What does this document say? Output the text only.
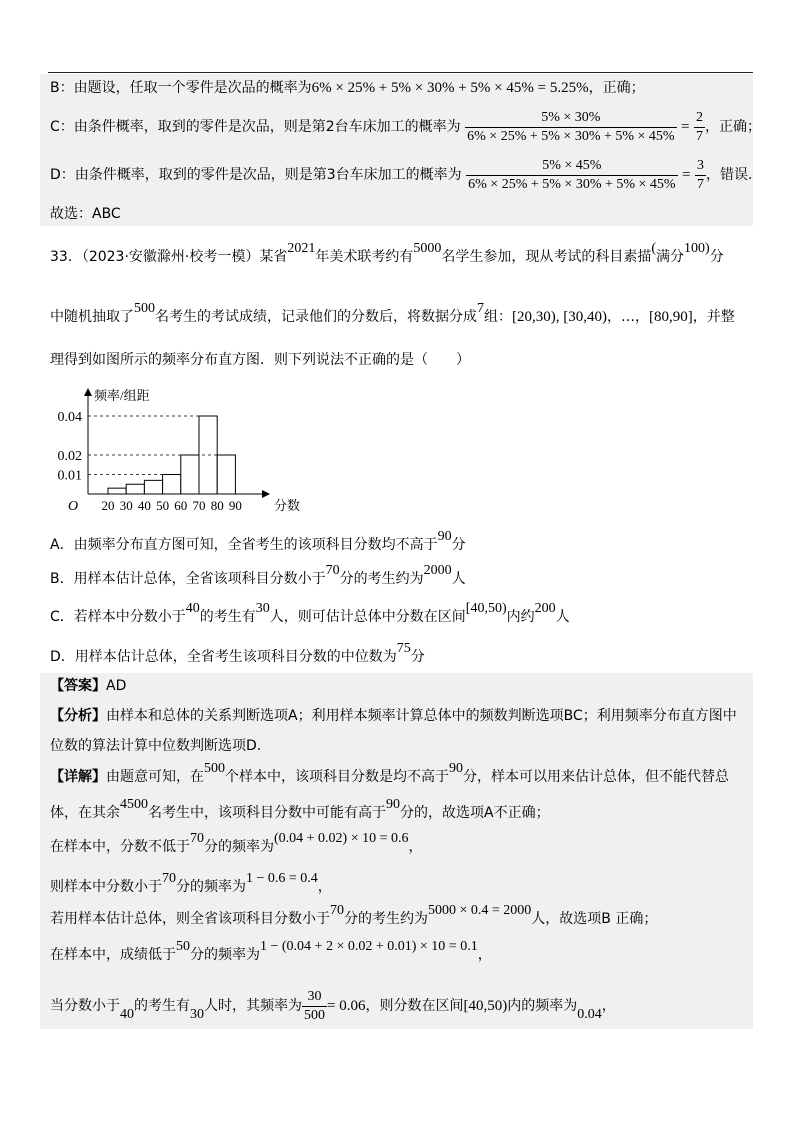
B：由题设，任取一个零件是次品的概率为6% × 25% + 5% × 30% + 5% × 45% = 5.25%，正确；
C：由条件概率，取到的零件是次品，则是第2台车床加工的概率为 $\frac{5\% \times 30\%}{6\% \times 25\% + 5\% \times 30\% + 5\% \times 45\%} = \frac{2}{7}$ ，正确；
D：由条件概率，取到的零件是次品，则是第3台车床加工的概率为 $\frac{5\% \times 45\%}{6\% \times 25\% + 5\% \times 30\% + 5\% \times 45\%} = \frac{3}{7}$ ，错误.
故选：ABC
33．（2023·安徽滁州·校考一模）某省2021年美术联考约有5000名学生参加，现从考试的科目素描(满分100)分
中随机抽取了500名考生的考试成绩，记录他们的分数后，将数据分成7组：[20,30), [30,40)，…，[80,90]，并整
理得到如图所示的频率分布直方图．则下列说法不正确的是（　　）
频率/组距
分数
O
0.04
0.02
0.01
20 30 40 50 60 70 80 90
A．由频率分布直方图可知，全省考生的该项科目分数均不高于90分
B．用样本估计总体，全省该项科目分数小于70分的考生约为2000人
C．若样本中分数小于40的考生有30人，则可估计总体中分数在区间[40,50)内约200人
D．用样本估计总体，全省考生该项科目分数的中位数为75分
【答案】AD
【分析】由样本和总体的关系判断选项A；利用样本频率计算总体中的频数判断选项BC；利用频率分布直方图中
位数的算法计算中位数判断选项D.
【详解】由题意可知，在500个样本中，该项科目分数是均不高于90分，样本可以用来估计总体，但不能代替总
体，在其余4500名考生中，该项科目分数中可能有高于90分的，故选项A不正确；
在样本中，分数不低于70分的频率为(0.04 + 0.02) × 10 = 0.6，
则样本中分数小于70分的频率为1 − 0.6 = 0.4，
若用样本估计总体，则全省该项科目分数小于70分的考生约为5000 × 0.4 = 2000人，故选项B 正确；
在样本中，成绩低于50分的频率为1 − (0.04 + 2 × 0.02 + 0.01) × 10 = 0.1，
当分数小于40的考生有30人时，其频率为 $\frac{30}{500} = 0.06$，则分数在区间[40,50)内的频率为0.04，
